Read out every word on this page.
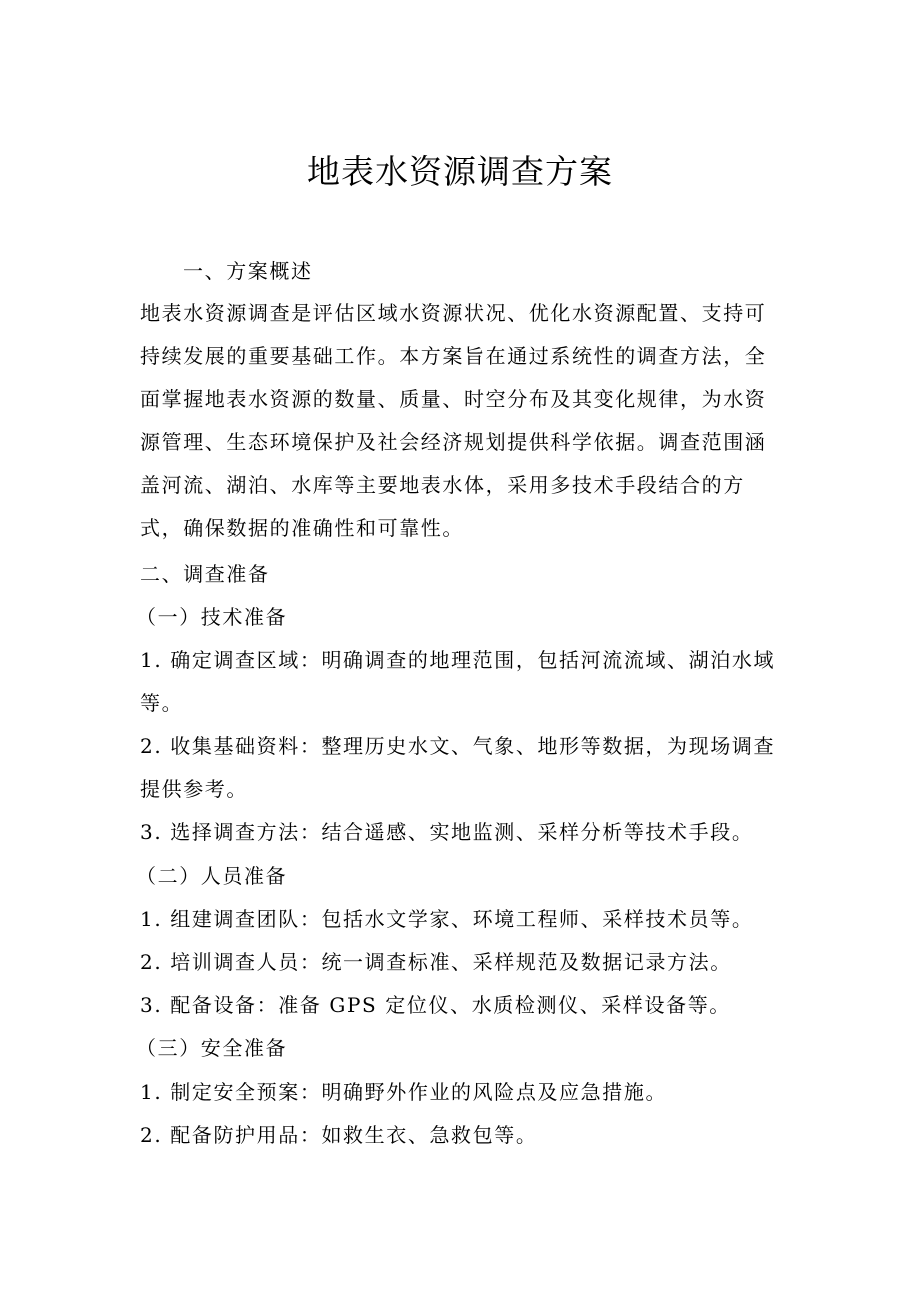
地表水资源调查方案
一、方案概述
地表水资源调查是评估区域水资源状况、优化水资源配置、支持可
持续发展的重要基础工作。本方案旨在通过系统性的调查方法，全
面掌握地表水资源的数量、质量、时空分布及其变化规律，为水资
源管理、生态环境保护及社会经济规划提供科学依据。调查范围涵
盖河流、湖泊、水库等主要地表水体，采用多技术手段结合的方
式，确保数据的准确性和可靠性。
二、调查准备
（一）技术准备
1. 确定调查区域：明确调查的地理范围，包括河流流域、湖泊水域
等。
2. 收集基础资料：整理历史水文、气象、地形等数据，为现场调查
提供参考。
3. 选择调查方法：结合遥感、实地监测、采样分析等技术手段。
（二）人员准备
1. 组建调查团队：包括水文学家、环境工程师、采样技术员等。
2. 培训调查人员：统一调查标准、采样规范及数据记录方法。
3. 配备设备：准备 GPS 定位仪、水质检测仪、采样设备等。
（三）安全准备
1. 制定安全预案：明确野外作业的风险点及应急措施。
2. 配备防护用品：如救生衣、急救包等。
